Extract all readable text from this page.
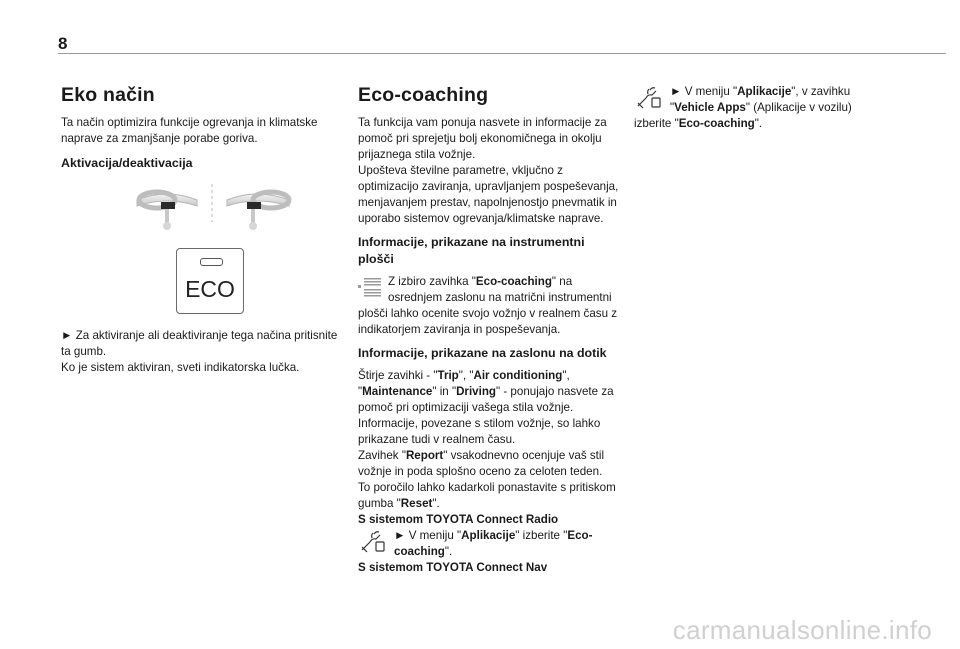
8
Eko način

Ta način optimizira funkcije ogrevanja in klimatske naprave za zmanjšanje porabe goriva.

Aktivacija/deaktivacija
ECO

► Za aktiviranje ali deaktiviranje tega načina pritisnite ta gumb.

Ko je sistem aktiviran, sveti indikatorska lučka.

Eco-coaching

Ta funkcija vam ponuja nasvete in informacije za pomoč pri sprejetju bolj ekonomičnega in okolju prijaznega stila vožnje.

Upošteva številne parametre, vključno z optimizacijo zaviranja, upravljanjem pospeševanja, menjavanjem prestav, napolnjenostjo pnevmatik in uporabo sistemov ogrevanja/klimatske naprave.

Informacije, prikazane na instrumentni plošči

Z izbiro zavihka "Eco-coaching" na osrednjem zaslonu na matrični instrumentni plošči lahko ocenite svojo vožnjo v realnem času z indikatorjem zaviranja in pospeševanja.

Informacije, prikazane na zaslonu na dotik

Štirje zavihki - "Trip", "Air conditioning", "Maintenance" in "Driving" - ponujajo nasvete za pomoč pri optimizaciji vašega stila vožnje.

Informacije, povezane s stilom vožnje, so lahko prikazane tudi v realnem času.

Zavihek "Report" vsakodnevno ocenjuje vaš stil vožnje in poda splošno oceno za celoten teden.

To poročilo lahko kadarkoli ponastavite s pritiskom gumba "Reset".

S sistemom TOYOTA Connect Radio

► V meniju "Aplikacije" izberite "Eco-coaching".

S sistemom TOYOTA Connect Nav

► V meniju "Aplikacije", v zavihku "Vehicle Apps" (Aplikacije v vozilu) izberite "Eco-coaching".

carmanualsonline.info
